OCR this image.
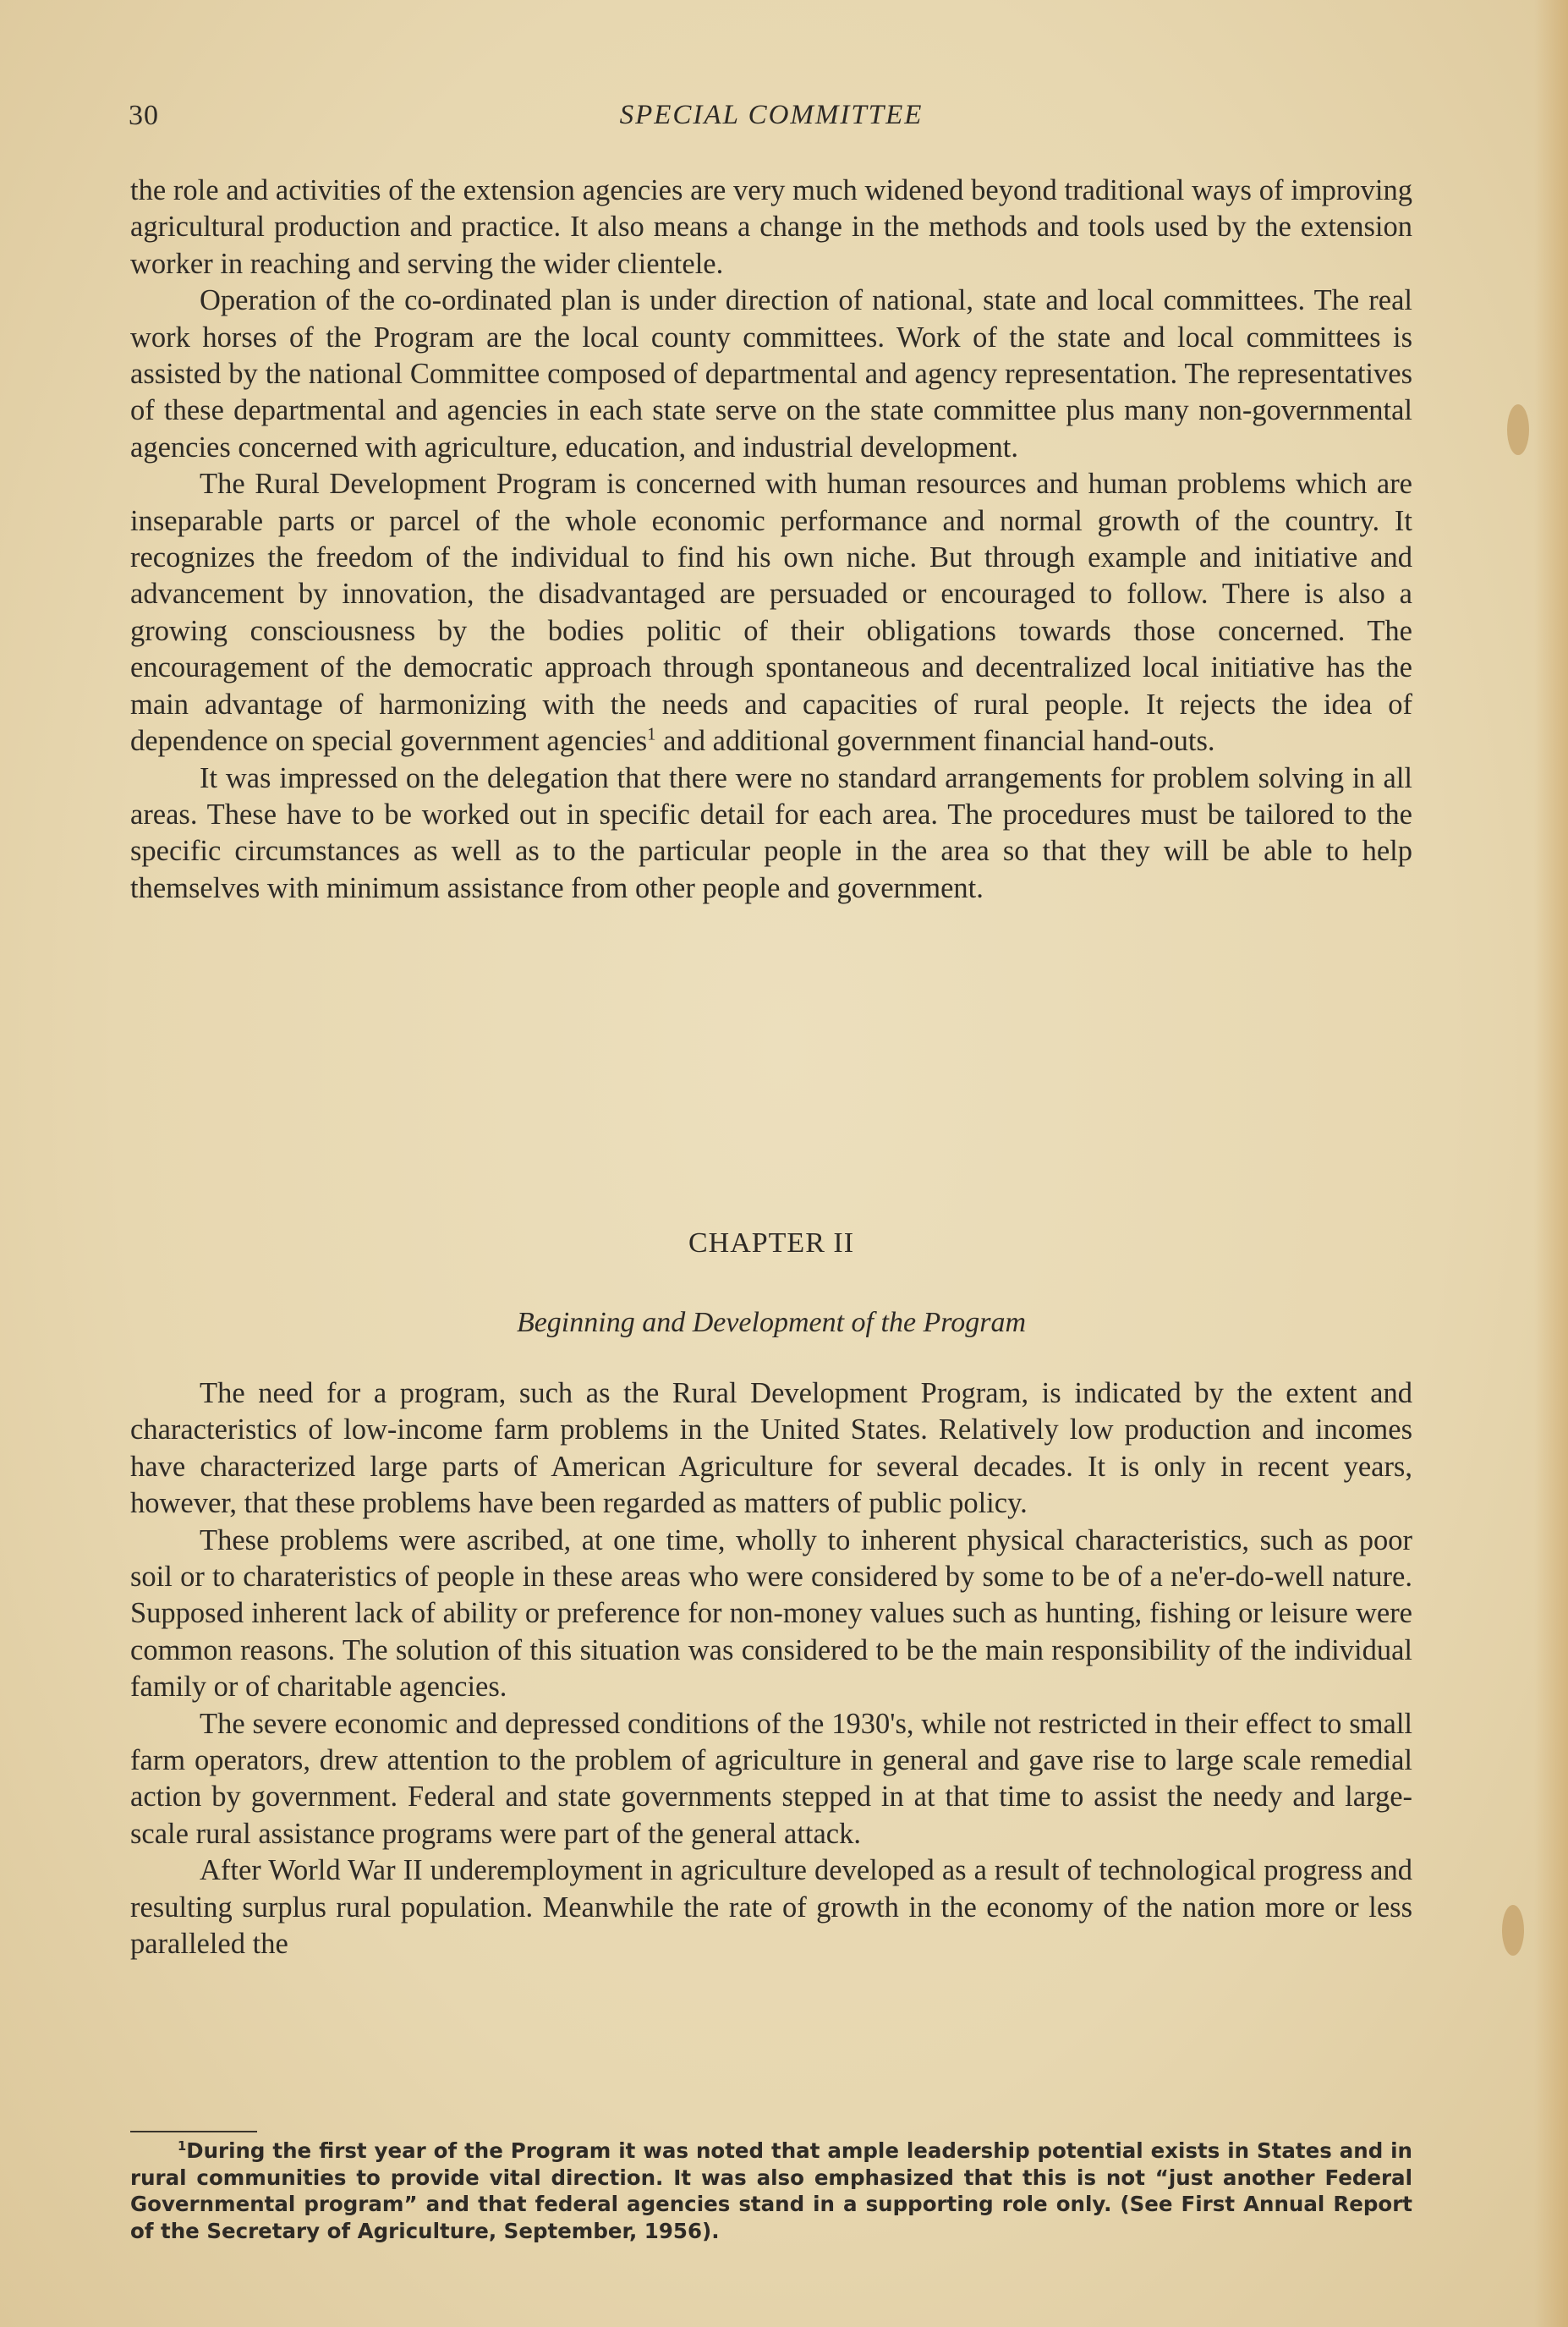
30	SPECIAL COMMITTEE

the role and activities of the extension agencies are very much widened beyond traditional ways of improving agricultural production and practice. It also means a change in the methods and tools used by the extension worker in reaching and serving the wider clientele.

Operation of the co-ordinated plan is under direction of national, state and local committees. The real work horses of the Program are the local county committees. Work of the state and local committees is assisted by the national Committee composed of departmental and agency representation. The representatives of these departmental and agencies in each state serve on the state committee plus many non-governmental agencies concerned with agriculture, education, and industrial development.

The Rural Development Program is concerned with human resources and human problems which are inseparable parts or parcel of the whole economic performance and normal growth of the country. It recognizes the freedom of the individual to find his own niche. But through example and initiative and advancement by innovation, the disadvantaged are persuaded or encouraged to follow. There is also a growing consciousness by the bodies politic of their obligations towards those concerned. The encouragement of the democratic approach through spontaneous and decentralized local initiative has the main advantage of harmonizing with the needs and capacities of rural people. It rejects the idea of dependence on special government agencies$^1$ and additional government financial hand-outs.

It was impressed on the delegation that there were no standard arrangements for problem solving in all areas. These have to be worked out in specific detail for each area. The procedures must be tailored to the specific circumstances as well as to the particular people in the area so that they will be able to help themselves with minimum assistance from other people and government.

CHAPTER II
Beginning and Development of the Program

The need for a program, such as the Rural Development Program, is indicated by the extent and characteristics of low-income farm problems in the United States. Relatively low production and incomes have characterized large parts of American Agriculture for several decades. It is only in recent years, however, that these problems have been regarded as matters of public policy.

These problems were ascribed, at one time, wholly to inherent physical characteristics, such as poor soil or to charateristics of people in these areas who were considered by some to be of a ne'er-do-well nature. Supposed inherent lack of ability or preference for non-money values such as hunting, fishing or leisure were common reasons. The solution of this situation was considered to be the main responsibility of the individual family or of charitable agencies.

The severe economic and depressed conditions of the 1930's, while not restricted in their effect to small farm operators, drew attention to the problem of agriculture in general and gave rise to large scale remedial action by government. Federal and state governments stepped in at that time to assist the needy and large-scale rural assistance programs were part of the general attack.

After World War II underemployment in agriculture developed as a result of technological progress and resulting surplus rural population. Meanwhile the rate of growth in the economy of the nation more or less paralleled the

$^1$During the first year of the Program it was noted that ample leadership potential exists in States and in rural communities to provide vital direction. It was also emphasized that this is not “just another Federal Governmental program” and that federal agencies stand in a supporting role only. (See First Annual Report of the Secretary of Agriculture, September, 1956).
